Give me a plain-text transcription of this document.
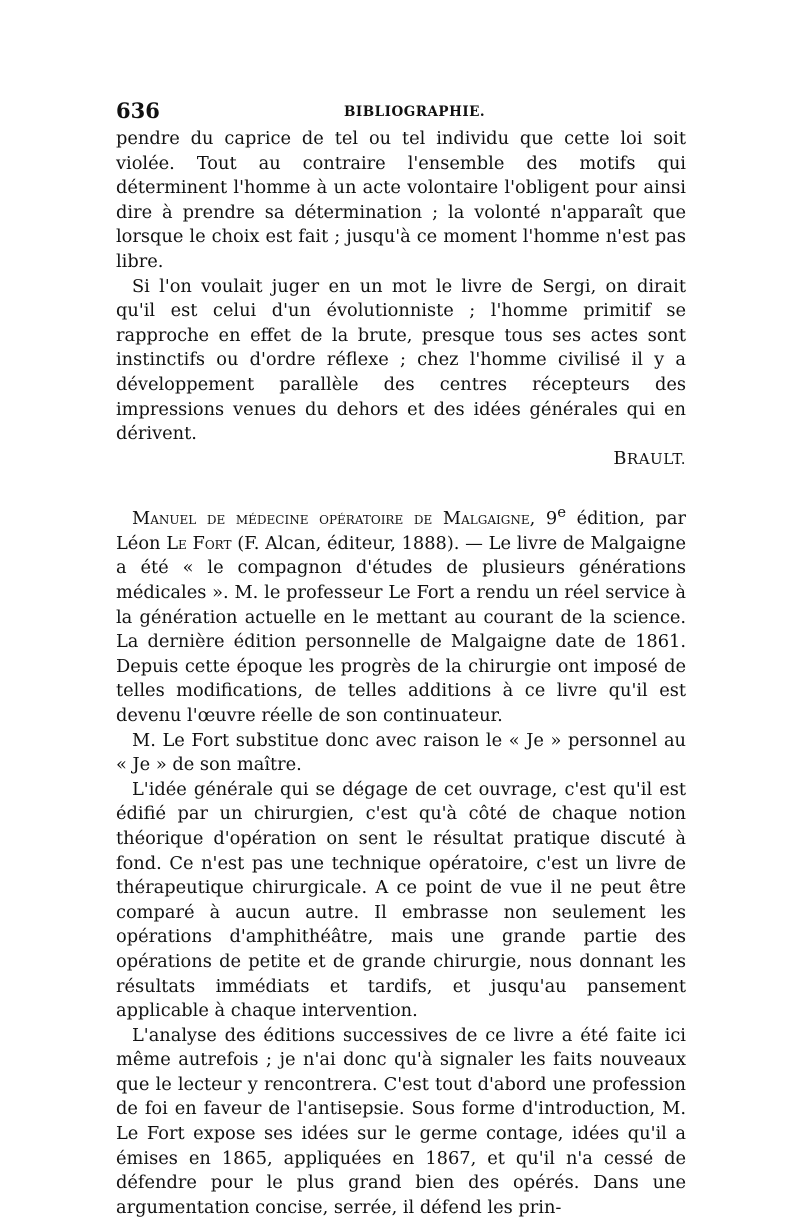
636	BIBLIOGRAPHIE.

pendre du caprice de tel ou tel individu que cette loi soit violée. Tout au contraire l'ensemble des motifs qui déterminent l'homme à un acte volontaire l'obligent pour ainsi dire à prendre sa détermination ; la volonté n'apparaît que lorsque le choix est fait ; jusqu'à ce moment l'homme n'est pas libre.

Si l'on voulait juger en un mot le livre de Sergi, on dirait qu'il est celui d'un évolutionniste ; l'homme primitif se rapproche en effet de la brute, presque tous ses actes sont instinctifs ou d'ordre réflexe ; chez l'homme civilisé il y a développement parallèle des centres récepteurs des impressions venues du dehors et des idées générales qui en dérivent.

BRAULT.

Manuel de médecine opératoire de Malgaigne, 9e édition, par Léon Le Fort (F. Alcan, éditeur, 1888). — Le livre de Malgaigne a été « le compagnon d'études de plusieurs générations médicales ». M. le professeur Le Fort a rendu un réel service à la génération actuelle en le mettant au courant de la science. La dernière édition personnelle de Malgaigne date de 1861. Depuis cette époque les progrès de la chirurgie ont imposé de telles modifications, de telles additions à ce livre qu'il est devenu l'œuvre réelle de son continuateur.

M. Le Fort substitue donc avec raison le « Je » personnel au « Je » de son maître.

L'idée générale qui se dégage de cet ouvrage, c'est qu'il est édifié par un chirurgien, c'est qu'à côté de chaque notion théorique d'opération on sent le résultat pratique discuté à fond. Ce n'est pas une technique opératoire, c'est un livre de thérapeutique chirurgicale. A ce point de vue il ne peut être comparé à aucun autre. Il embrasse non seulement les opérations d'amphithéâtre, mais une grande partie des opérations de petite et de grande chirurgie, nous donnant les résultats immédiats et tardifs, et jusqu'au pansement applicable à chaque intervention.

L'analyse des éditions successives de ce livre a été faite ici même autrefois ; je n'ai donc qu'à signaler les faits nouveaux que le lecteur y rencontrera. C'est tout d'abord une profession de foi en faveur de l'antisepsie. Sous forme d'introduction, M. Le Fort expose ses idées sur le germe contage, idées qu'il a émises en 1865, appliquées en 1867, et qu'il n'a cessé de défendre pour le plus grand bien des opérés. Dans une argumentation concise, serrée, il défend les prin-
